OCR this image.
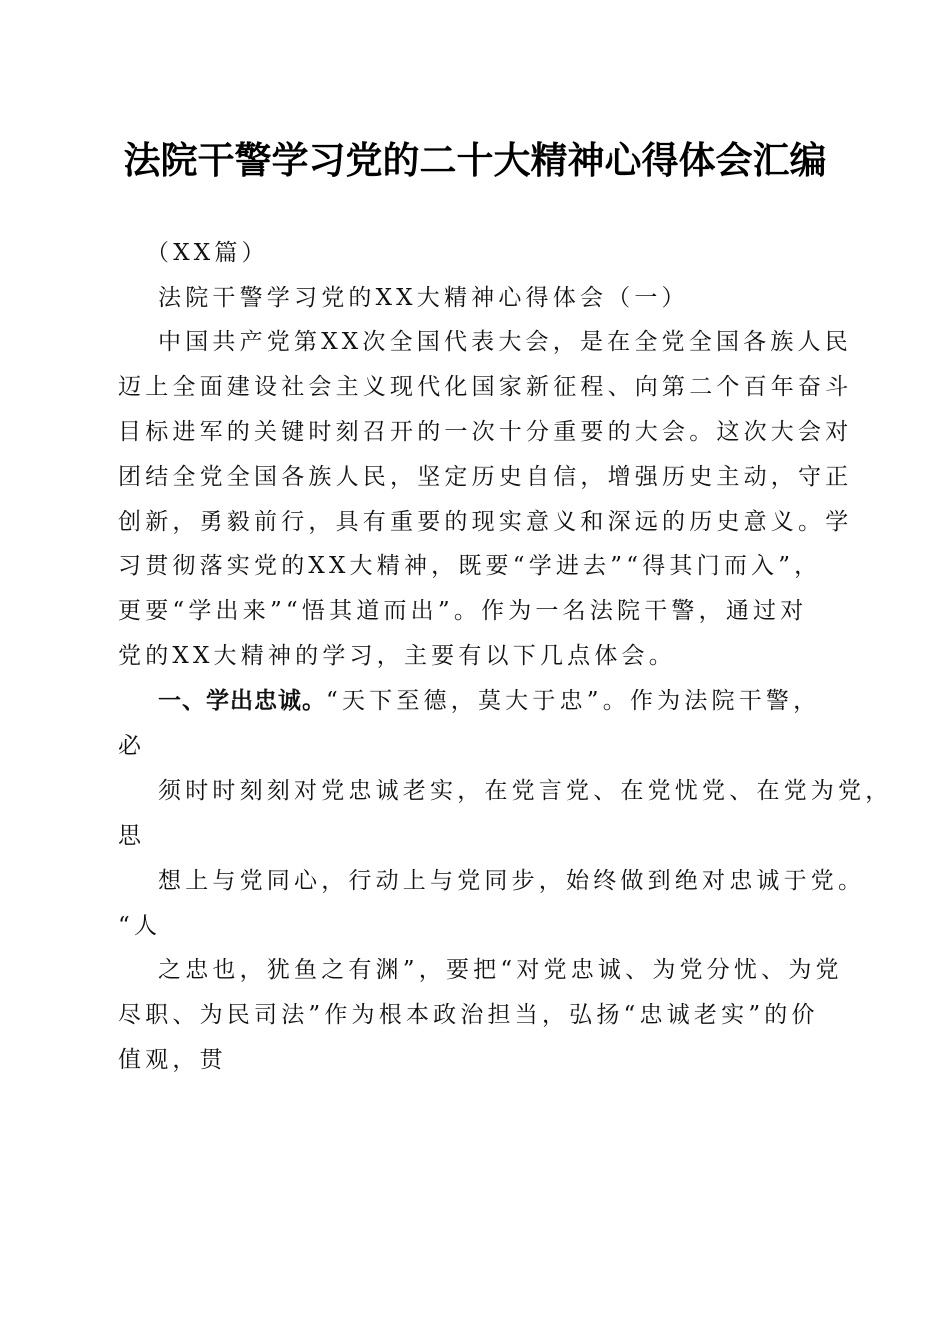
法院干警学习党的二十大精神心得体会汇编
（XX篇）
法院干警学习党的XX大精神心得体会（一）
中国共产党第XX次全国代表大会，是在全党全国各族人民
迈上全面建设社会主义现代化国家新征程、向第二个百年奋斗
目标进军的关键时刻召开的一次十分重要的大会。这次大会对
团结全党全国各族人民，坚定历史自信，增强历史主动，守正
创新，勇毅前行，具有重要的现实意义和深远的历史意义。学
习贯彻落实党的XX大精神，既要“学进去”“得其门而入”，
更要“学出来”“悟其道而出”。作为一名法院干警，通过对
党的XX大精神的学习，主要有以下几点体会。
一、学出忠诚。“天下至德，莫大于忠”。作为法院干警，
必
须时时刻刻对党忠诚老实，在党言党、在党忧党、在党为党，
思
想上与党同心，行动上与党同步，始终做到绝对忠诚于党。
“人
之忠也，犹鱼之有渊”，要把“对党忠诚、为党分忧、为党
尽职、为民司法”作为根本政治担当，弘扬“忠诚老实”的价
值观，贯
